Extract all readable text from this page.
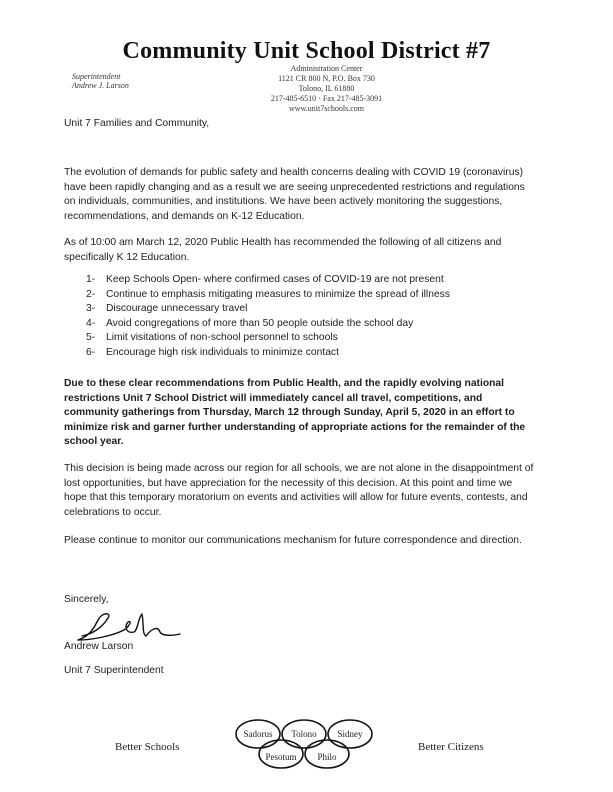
Community Unit School District #7
Superintendent
Andrew J. Larson
Administration Center
1121 CR 800 N, P.O. Box 730
Tolono, IL 61880
217-485-6510 · Fax 217-485-3091
www.unit7schools.com
Unit 7 Families and Community,
The evolution of demands for public safety and health concerns dealing with COVID 19 (coronavirus) have been rapidly changing and as a result we are seeing unprecedented restrictions and regulations on individuals, communities, and institutions. We have been actively monitoring the suggestions, recommendations, and demands on K-12 Education.
As of 10:00 am March 12, 2020 Public Health has recommended the following of all citizens and specifically K 12 Education.
1-	Keep Schools Open- where confirmed cases of COVID-19 are not present
2-	Continue to emphasis mitigating measures to minimize the spread of illness
3-	Discourage unnecessary travel
4-	Avoid congregations of more than 50 people outside the school day
5-	Limit visitations of non-school personnel to schools
6-	Encourage high risk individuals to minimize contact
Due to these clear recommendations from Public Health, and the rapidly evolving national restrictions Unit 7 School District will immediately cancel all travel, competitions, and community gatherings from Thursday, March 12 through Sunday, April 5, 2020 in an effort to minimize risk and garner further understanding of appropriate actions for the remainder of the school year.
This decision is being made across our region for all schools, we are not alone in the disappointment of lost opportunities, but have appreciation for the necessity of this decision. At this point and time we hope that this temporary moratorium on events and activities will allow for future events, contests, and celebrations to occur.
Please continue to monitor our communications mechanism for future correspondence and direction.
Sincerely,
Andrew Larson
Unit 7 Superintendent
Better Schools
Sadorus Tolono Sidney
Pesotum Philo
Better Citizens
